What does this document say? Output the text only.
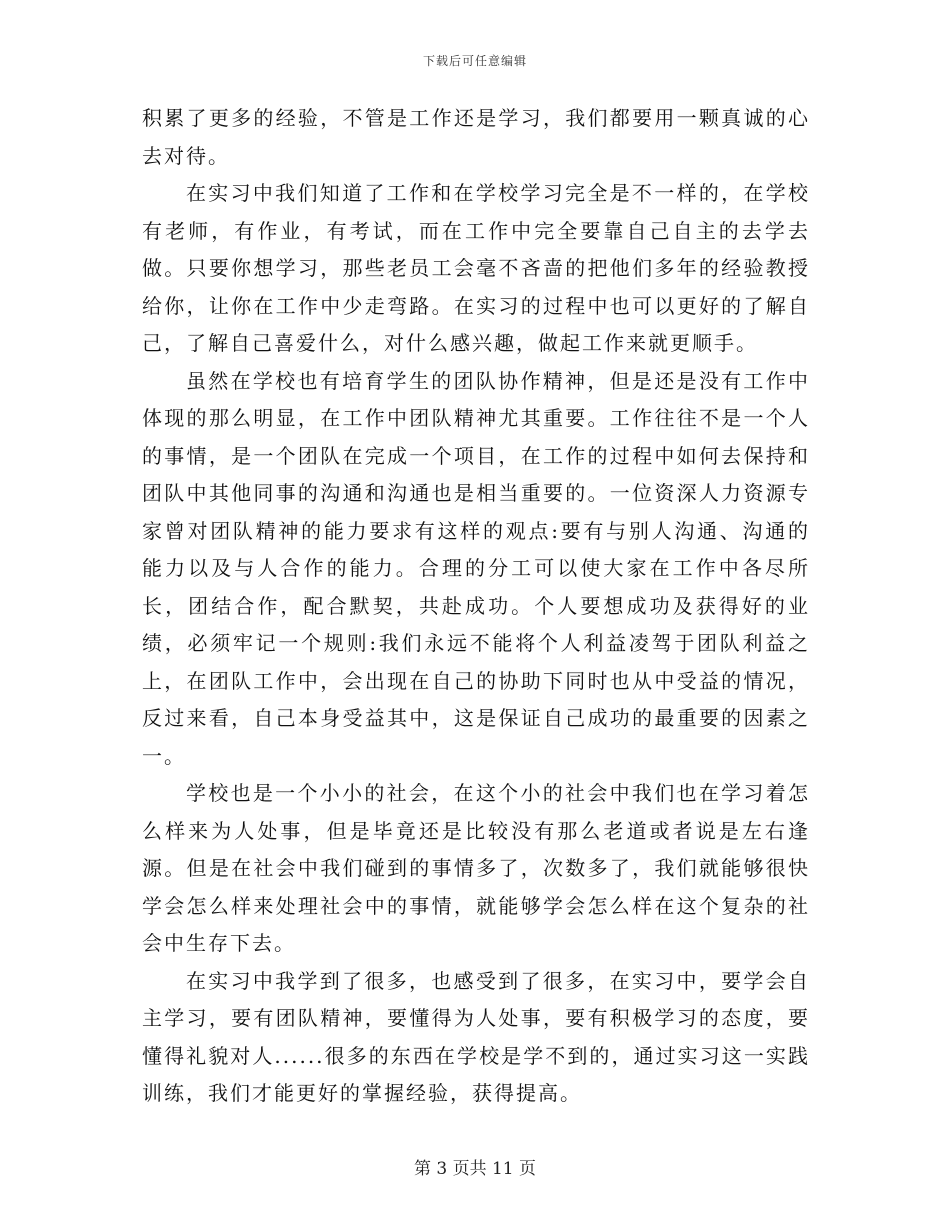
下载后可任意编辑

积累了更多的经验，不管是工作还是学习，我们都要用一颗真诚的心去对待。

在实习中我们知道了工作和在学校学习完全是不一样的，在学校有老师，有作业，有考试，而在工作中完全要靠自己自主的去学去做。只要你想学习，那些老员工会毫不吝啬的把他们多年的经验教授给你，让你在工作中少走弯路。在实习的过程中也可以更好的了解自己，了解自己喜爱什么，对什么感兴趣，做起工作来就更顺手。

虽然在学校也有培育学生的团队协作精神，但是还是没有工作中体现的那么明显，在工作中团队精神尤其重要。工作往往不是一个人的事情，是一个团队在完成一个项目，在工作的过程中如何去保持和团队中其他同事的沟通和沟通也是相当重要的。一位资深人力资源专家曾对团队精神的能力要求有这样的观点:要有与别人沟通、沟通的能力以及与人合作的能力。合理的分工可以使大家在工作中各尽所长，团结合作，配合默契，共赴成功。个人要想成功及获得好的业绩，必须牢记一个规则:我们永远不能将个人利益凌驾于团队利益之上，在团队工作中，会出现在自己的协助下同时也从中受益的情况，反过来看，自己本身受益其中，这是保证自己成功的最重要的因素之一。

学校也是一个小小的社会，在这个小的社会中我们也在学习着怎么样来为人处事，但是毕竟还是比较没有那么老道或者说是左右逢源。但是在社会中我们碰到的事情多了，次数多了，我们就能够很快学会怎么样来处理社会中的事情，就能够学会怎么样在这个复杂的社会中生存下去。

在实习中我学到了很多，也感受到了很多，在实习中，要学会自主学习，要有团队精神，要懂得为人处事，要有积极学习的态度，要懂得礼貌对人......很多的东西在学校是学不到的，通过实习这一实践训练，我们才能更好的掌握经验，获得提高。

第 3 页共 11 页
